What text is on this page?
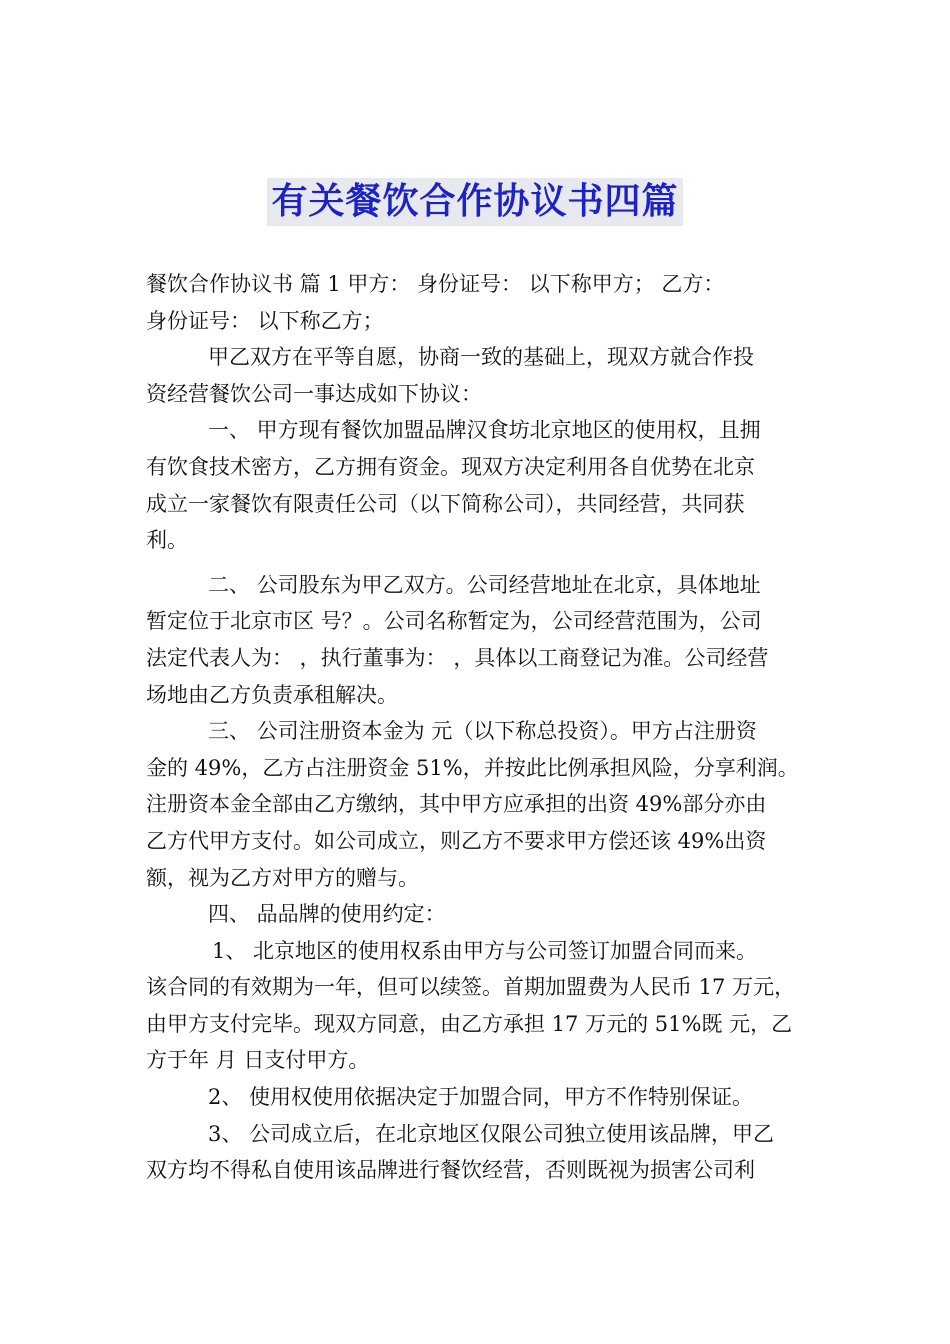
有关餐饮合作协议书四篇
餐饮合作协议书 篇 1 甲方： 身份证号： 以下称甲方； 乙方：
身份证号： 以下称乙方；
甲乙双方在平等自愿，协商一致的基础上，现双方就合作投
资经营餐饮公司一事达成如下协议：
一、 甲方现有餐饮加盟品牌汉食坊北京地区的使用权，且拥
有饮食技术密方，乙方拥有资金。现双方决定利用各自优势在北京
成立一家餐饮有限责任公司（以下简称公司），共同经营，共同获
利。
二、 公司股东为甲乙双方。公司经营地址在北京，具体地址
暂定位于北京市区 号？。公司名称暂定为，公司经营范围为，公司
法定代表人为： ，执行董事为： ，具体以工商登记为准。公司经营
场地由乙方负责承租解决。
三、 公司注册资本金为 元（以下称总投资）。甲方占注册资
金的 49%，乙方占注册资金 51%，并按此比例承担风险，分享利润。
注册资本金全部由乙方缴纳，其中甲方应承担的出资 49%部分亦由
乙方代甲方支付。如公司成立，则乙方不要求甲方偿还该 49%出资
额，视为乙方对甲方的赠与。
四、 品品牌的使用约定：
1、 北京地区的使用权系由甲方与公司签订加盟合同而来。
该合同的有效期为一年，但可以续签。首期加盟费为人民币 17 万元，
由甲方支付完毕。现双方同意，由乙方承担 17 万元的 51%既 元，乙
方于年 月 日支付甲方。
2、 使用权使用依据决定于加盟合同，甲方不作特别保证。
3、 公司成立后，在北京地区仅限公司独立使用该品牌，甲乙
双方均不得私自使用该品牌进行餐饮经营，否则既视为损害公司利
